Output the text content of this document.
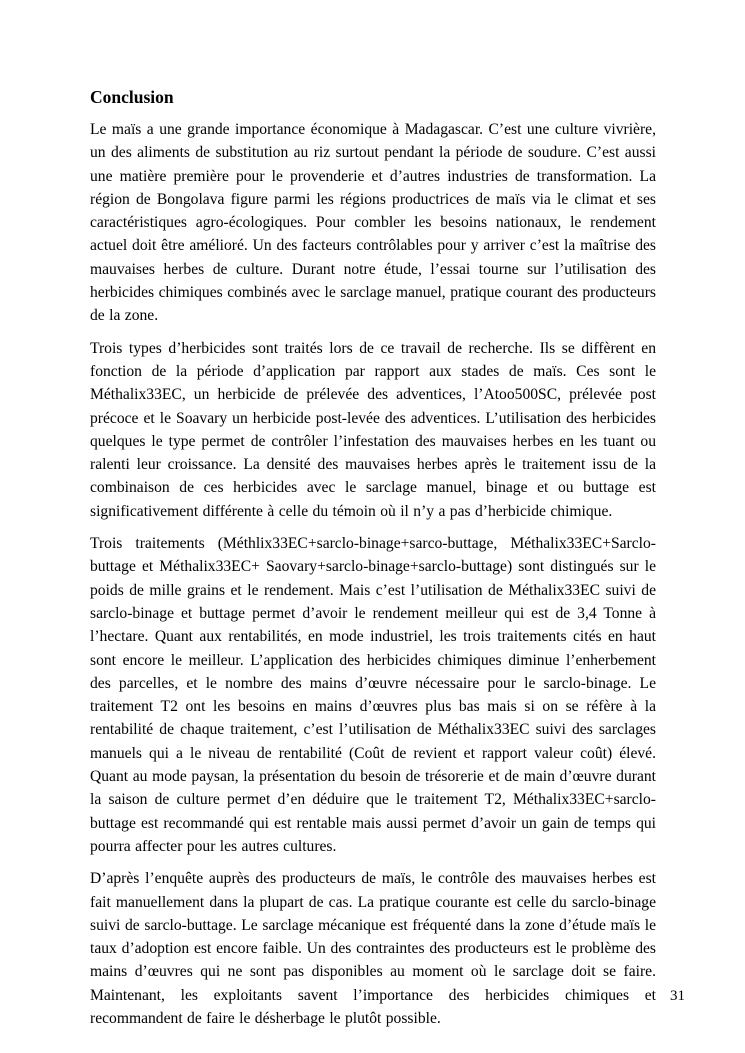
Conclusion

Le maïs a une grande importance économique à Madagascar. C’est une culture vivrière, un des aliments de substitution au riz surtout pendant la période de soudure. C’est aussi une matière première pour le provenderie et d’autres industries de transformation. La région de Bongolava figure parmi les régions productrices de maïs via le climat et ses caractéristiques agro-écologiques. Pour combler les besoins nationaux, le rendement actuel doit être amélioré. Un des facteurs contrôlables pour y arriver c’est la maîtrise des mauvaises herbes de culture. Durant notre étude, l’essai tourne sur l’utilisation des herbicides chimiques combinés avec le sarclage manuel, pratique courant des producteurs de la zone.

Trois types d’herbicides sont traités lors de ce travail de recherche. Ils se diffèrent en fonction de la période d’application par rapport aux stades de maïs. Ces sont le Méthalix33EC, un herbicide de prélevée des adventices, l’Atoo500SC, prélevée post précoce et le Soavary un herbicide post-levée des adventices. L’utilisation des herbicides quelques le type permet de contrôler l’infestation des mauvaises herbes en les tuant ou ralenti leur croissance. La densité des mauvaises herbes après le traitement issu de la combinaison de ces herbicides avec le sarclage manuel, binage et ou buttage est significativement différente à celle du témoin où il n’y a pas d’herbicide chimique.

Trois traitements (Méthlix33EC+sarclo-binage+sarco-buttage, Méthalix33EC+Sarclo-buttage et Méthalix33EC+ Saovary+sarclo-binage+sarclo-buttage) sont distingués sur le poids de mille grains et le rendement. Mais c’est l’utilisation de Méthalix33EC suivi de sarclo-binage et buttage permet d’avoir le rendement meilleur qui est de 3,4 Tonne à l’hectare. Quant aux rentabilités, en mode industriel, les trois traitements cités en haut sont encore le meilleur. L’application des herbicides chimiques diminue l’enherbement des parcelles, et le nombre des mains d’œuvre nécessaire pour le sarclo-binage. Le traitement T2 ont les besoins en mains d’œuvres plus bas mais si on se réfère à la rentabilité de chaque traitement, c’est l’utilisation de Méthalix33EC suivi des sarclages manuels qui a le niveau de rentabilité (Coût de revient et rapport valeur coût) élevé. Quant au mode paysan, la présentation du besoin de trésorerie et de main d’œuvre durant la saison de culture permet d’en déduire que le traitement T2, Méthalix33EC+sarclo-buttage est recommandé qui est rentable mais aussi permet d’avoir un gain de temps qui pourra affecter pour les autres cultures.

D’après l’enquête auprès des producteurs de maïs, le contrôle des mauvaises herbes est fait manuellement dans la plupart de cas. La pratique courante est celle du sarclo-binage suivi de sarclo-buttage. Le sarclage mécanique est fréquenté dans la zone d’étude maïs le taux d’adoption est encore faible. Un des contraintes des producteurs est le problème des mains d’œuvres qui ne sont pas disponibles au moment où le sarclage doit se faire. Maintenant, les exploitants savent l’importance des herbicides chimiques et recommandent de faire le désherbage le plutôt possible.

31
